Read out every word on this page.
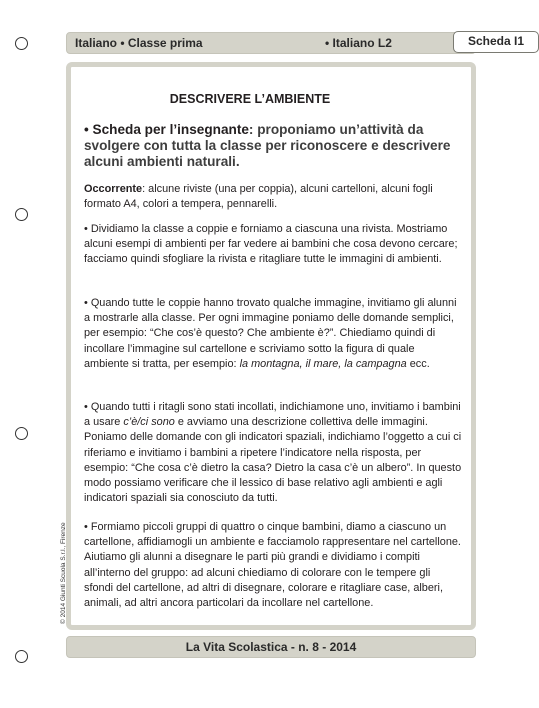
Italiano • Classe prima	• Italiano L2	Scheda I1
DESCRIVERE L’AMBIENTE
• Scheda per l’insegnante: proponiamo un’attività da svolgere con tutta la classe per riconoscere e descrivere alcuni ambienti naturali.

Occorrente: alcune riviste (una per coppia), alcuni cartelloni, alcuni fogli formato A4, colori a tempera, pennarelli.

• Dividiamo la classe a coppie e forniamo a ciascuna una rivista. Mostriamo alcuni esempi di ambienti per far vedere ai bambini che cosa devono cercare; facciamo quindi sfogliare la rivista e ritagliare tutte le immagini di ambienti.

• Quando tutte le coppie hanno trovato qualche immagine, invitiamo gli alunni a mostrarle alla classe. Per ogni immagine poniamo delle domande semplici, per esempio: “Che cos’è questo? Che ambiente è?”. Chiediamo quindi di incollare l’immagine sul cartellone e scriviamo sotto la figura di quale ambiente si tratta, per esempio: la montagna, il mare, la campagna ecc.

• Quando tutti i ritagli sono stati incollati, indichiamone uno, invitiamo i bambini a usare c’è/ci sono e avviamo una descrizione collettiva delle immagini. Poniamo delle domande con gli indicatori spaziali, indichiamo l’oggetto a cui ci riferiamo e invitiamo i bambini a ripetere l’indicatore nella risposta, per esempio: “Che cosa c’è dietro la casa? Dietro la casa c’è un albero”. In questo modo possiamo verificare che il lessico di base relativo agli ambienti e agli indicatori spaziali sia conosciuto da tutti.

• Formiamo piccoli gruppi di quattro o cinque bambini, diamo a ciascuno un cartellone, affidiamogli un ambiente e facciamolo rappresentare nel cartellone. Aiutiamo gli alunni a disegnare le parti più grandi e dividiamo i compiti all’interno del gruppo: ad alcuni chiediamo di colorare con le tempere gli sfondi del cartellone, ad altri di disegnare, colorare e ritagliare case, alberi, animali, ad altri ancora particolari da incollare nel cartellone.

© 2014 Giunti Scuola S.r.l., Firenze
La Vita Scolastica - n. 8 - 2014
